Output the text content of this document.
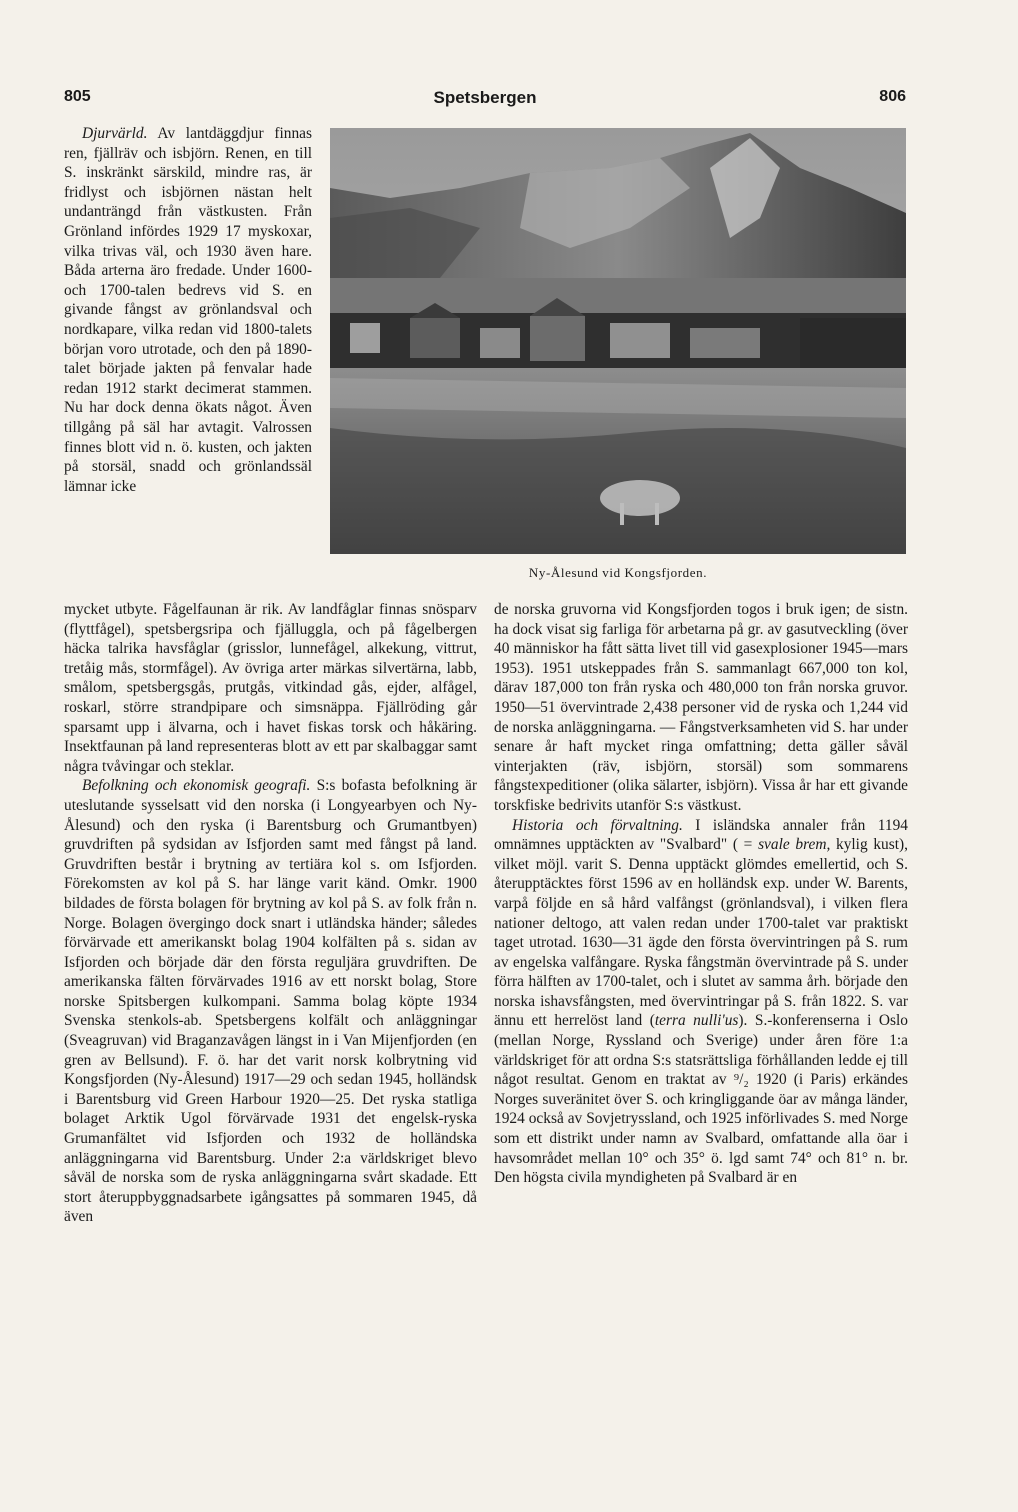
805	Spetsbergen	806

Djurvärld. Av lantdäggdjur finnas ren, fjällräv och isbjörn. Renen, en till S. inskränkt särskild, mindre ras, är fridlyst och isbjörnen nästan helt undanträngd från västkusten. Från Grönland infördes 1929 17 myskoxar, vilka trivas väl, och 1930 även hare. Båda arterna äro fredade. Under 1600- och 1700-talen bedrevs vid S. en givande fångst av grönlandsval och nordkapare, vilka redan vid 1800-talets början voro utrotade, och den på 1890-talet började jakten på fenvalar hade redan 1912 starkt decimerat stammen. Nu har dock denna ökats något. Även tillgång på säl har avtagit. Valrossen finnes blott vid n. ö. kusten, och jakten på storsäl, snadd och grönlandssäl lämnar icke

Ny-Ålesund vid Kongsfjorden.

mycket utbyte. Fågelfaunan är rik. Av landfåglar finnas snösparv (flyttfågel), spetsbergsripa och fjälluggla, och på fågelbergen häcka talrika havsfåglar (grisslor, lunnefågel, alkekung, vittrut, tretåig mås, stormfågel). Av övriga arter märkas silvertärna, labb, smålom, spetsbergsgås, prutgås, vitkindad gås, ejder, alfågel, roskarl, större strandpipare och simsnäppa. Fjällröding går sparsamt upp i älvarna, och i havet fiskas torsk och håkäring. Insektfaunan på land representeras blott av ett par skalbaggar samt några tvåvingar och steklar.

Befolkning och ekonomisk geografi. S:s bofasta befolkning är uteslutande sysselsatt vid den norska (i Longyearbyen och Ny-Ålesund) och den ryska (i Barentsburg och Grumantbyen) gruvdriften på sydsidan av Isfjorden samt med fångst på land. Gruvdriften består i brytning av tertiära kol s. om Isfjorden. Förekomsten av kol på S. har länge varit känd. Omkr. 1900 bildades de första bolagen för brytning av kol på S. av folk från n. Norge. Bolagen övergingo dock snart i utländska händer; således förvärvade ett amerikanskt bolag 1904 kolfälten på s. sidan av Isfjorden och började där den första reguljära gruvdriften. De amerikanska fälten förvärvades 1916 av ett norskt bolag, Store norske Spitsbergen kulkompani. Samma bolag köpte 1934 Svenska stenkols-ab. Spetsbergens kolfält och anläggningar (Sveagruvan) vid Braganzavågen längst in i Van Mijenfjorden (en gren av Bellsund). F. ö. har det varit norsk kolbrytning vid Kongsfjorden (Ny-Ålesund) 1917—29 och sedan 1945, holländsk i Barentsburg vid Green Harbour 1920—25. Det ryska statliga bolaget Arktik Ugol förvärvade 1931 det engelsk-ryska Grumanfältet vid Isfjorden och 1932 de holländska anläggningarna vid Barentsburg. Under 2:a världskriget blevo såväl de norska som de ryska anläggningarna svårt skadade. Ett stort återuppbyggnadsarbete igångsattes på sommaren 1945, då även

de norska gruvorna vid Kongsfjorden togos i bruk igen; de sistn. ha dock visat sig farliga för arbetarna på gr. av gasutveckling (över 40 människor ha fått sätta livet till vid gasexplosioner 1945—mars 1953). 1951 utskeppades från S. sammanlagt 667,000 ton kol, därav 187,000 ton från ryska och 480,000 ton från norska gruvor. 1950—51 övervintrade 2,438 personer vid de ryska och 1,244 vid de norska anläggningarna. — Fångstverksamheten vid S. har under senare år haft mycket ringa omfattning; detta gäller såväl vinterjakten (räv, isbjörn, storsäl) som sommarens fångstexpeditioner (olika sälarter, isbjörn). Vissa år har ett givande torskfiske bedrivits utanför S:s västkust.

Historia och förvaltning. I isländska annaler från 1194 omnämnes upptäckten av "Svalbard" ( = svale brem, kylig kust), vilket möjl. varit S. Denna upptäckt glömdes emellertid, och S. återupptäcktes först 1596 av en holländsk exp. under W. Barents, varpå följde en så hård valfångst (grönlandsval), i vilken flera nationer deltogo, att valen redan under 1700-talet var praktiskt taget utrotad. 1630—31 ägde den första övervintringen på S. rum av engelska valfångare. Ryska fångstmän övervintrade på S. under förra hälften av 1700-talet, och i slutet av samma årh. började den norska ishavsfångsten, med övervintringar på S. från 1822. S. var ännu ett herrelöst land (terra nulli'us). S.-konferenserna i Oslo (mellan Norge, Ryssland och Sverige) under åren före 1:a världskriget för att ordna S:s statsrättsliga förhållanden ledde ej till något resultat. Genom en traktat av ⁹/₂ 1920 (i Paris) erkändes Norges suveränitet över S. och kringliggande öar av många länder, 1924 också av Sovjetryssland, och 1925 införlivades S. med Norge som ett distrikt under namn av Svalbard, omfattande alla öar i havsområdet mellan 10° och 35° ö. lgd samt 74° och 81° n. br. Den högsta civila myndigheten på Svalbard är en
